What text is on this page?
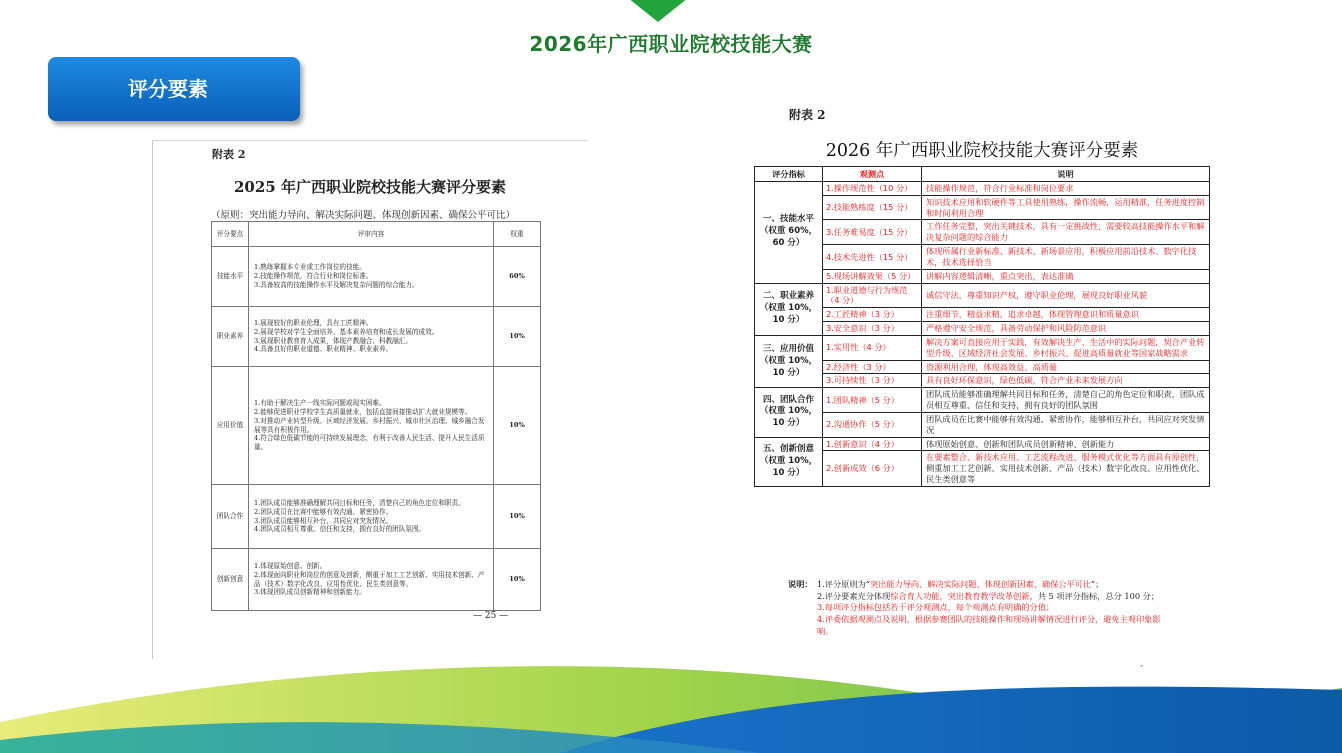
2026年广西职业院校技能大赛
评分要素
附表 2
2025 年广西职业院校技能大赛评分要素
（原则：突出能力导向、解决实际问题、体现创新因素、确保公平可比）
评分要点	评审内容	权重
技能水平	1.熟练掌握本专业或工作岗位的技能。
2.技能操作规范，符合行业和岗位标准。
3.具备较高的技能操作水平及解决复杂问题的综合能力。	60%
职业素养	1.展现较好的职业伦理，具有工匠精神。
2.展现学校对学生全面培养、基本素养培育和成长发展的成效。
3.展现职业教育育人成果，体现产教融合、科教融汇。
4.具备良好的职业道德、职业精神、职业素养。	10%
应用价值	1.有助于解决生产一线实际问题或现实困难。
2.能够促进职业学校学生高质量就业，包括直接间接推动扩大就业规模等。
3.对推动产业转型升级、区域经济发展、乡村振兴、城市社区治理、城乡融合发展等具有积极作用。
4.符合绿色低碳节能的可持续发展理念，有利于改善人民生活、提升人民生活质量。	10%
团队合作	1.团队成员能够准确理解共同目标和任务，清楚自己的角色定位和职责。
2.团队成员在比赛中能够有效沟通、紧密协作。
3.团队成员能够相互补台，共同应对突发情况。
4.团队成员相互尊重、信任和支持，拥有良好的团队氛围。	10%
创新创意	1.体现原始创意、创新。
2.体现面向职业和岗位的创意及创新，侧重于加工工艺创新、实用技术创新、产品（技术）数字化改良、应用性优化、民生类创意等。
3.体现团队成员创新精神和创新能力。	10%
— 25 —
附表 2
2026 年广西职业院校技能大赛评分要素
评分指标	观测点	说明
一、技能水平（权重 60%，60 分）	1.操作规范性（10 分）	技能操作规范，符合行业标准和岗位要求
	2.技能熟练度（15 分）	知识技术应用和软硬件等工具使用熟练，操作流畅，运用精准，任务进度控制和时间利用合理
	3.任务难易度（15 分）	工作任务完整，突出关键技术，具有一定挑战性，需要较高技能操作水平和解决复杂问题的综合能力
	4.技术先进性（15 分）	体现所属行业新标准、新技术、新场景应用，积极应用前沿技术、数字化技术，技术选择恰当
	5.现场讲解效果（5 分）	讲解内容逻辑清晰，重点突出，表达准确
二、职业素养（权重 10%，10 分）	1.职业道德与行为规范（4 分）	诚信守法，尊重知识产权，遵守职业伦理，展现良好职业风貌
	2.工匠精神（3 分）	注重细节，精益求精，追求卓越，体现管理意识和质量意识
	3.安全意识（3 分）	严格遵守安全规范，具备劳动保护和风险防范意识
三、应用价值（权重 10%，10 分）	1.实用性（4 分）	解决方案可直接应用于实践，有效解决生产、生活中的实际问题，契合产业转型升级、区域经济社会发展、乡村振兴、促进高质量就业等国家战略需求
	2.经济性（3 分）	资源利用合理，体现高效益、高质量
	3.可持续性（3 分）	具有良好环保意识，绿色低碳，符合产业未来发展方向
四、团队合作（权重 10%，10 分）	1.团队精神（5 分）	团队成员能够准确理解共同目标和任务，清楚自己的角色定位和职责，团队成员相互尊重、信任和支持，拥有良好的团队氛围
	2.沟通协作（5 分）	团队成员在比赛中能够有效沟通、紧密协作，能够相互补台，共同应对突发情况
五、创新创意（权重 10%，10 分）	1.创新意识（4 分）	体现原始创意、创新和团队成员创新精神、创新能力
	2.创新成效（6 分）	在要素整合、新技术应用、工艺流程改进、服务模式优化等方面具有原创性，侧重加工工艺创新、实用技术创新、产品（技术）数字化改良、应用性优化、民生类创意等
说明： 1.评分原则为“突出能力导向、解决实际问题、体现创新因素、确保公平可比”；
2.评分要素充分体现综合育人功能，突出教育教学改革创新，共 5 项评分指标，总分 100 分；
3.每项评分指标包括若干评分观测点，每个观测点有明确的分值；
4.评委依据观测点及说明，根据参赛团队的技能操作和现场讲解情况进行评分，避免主观印象影响。
-
